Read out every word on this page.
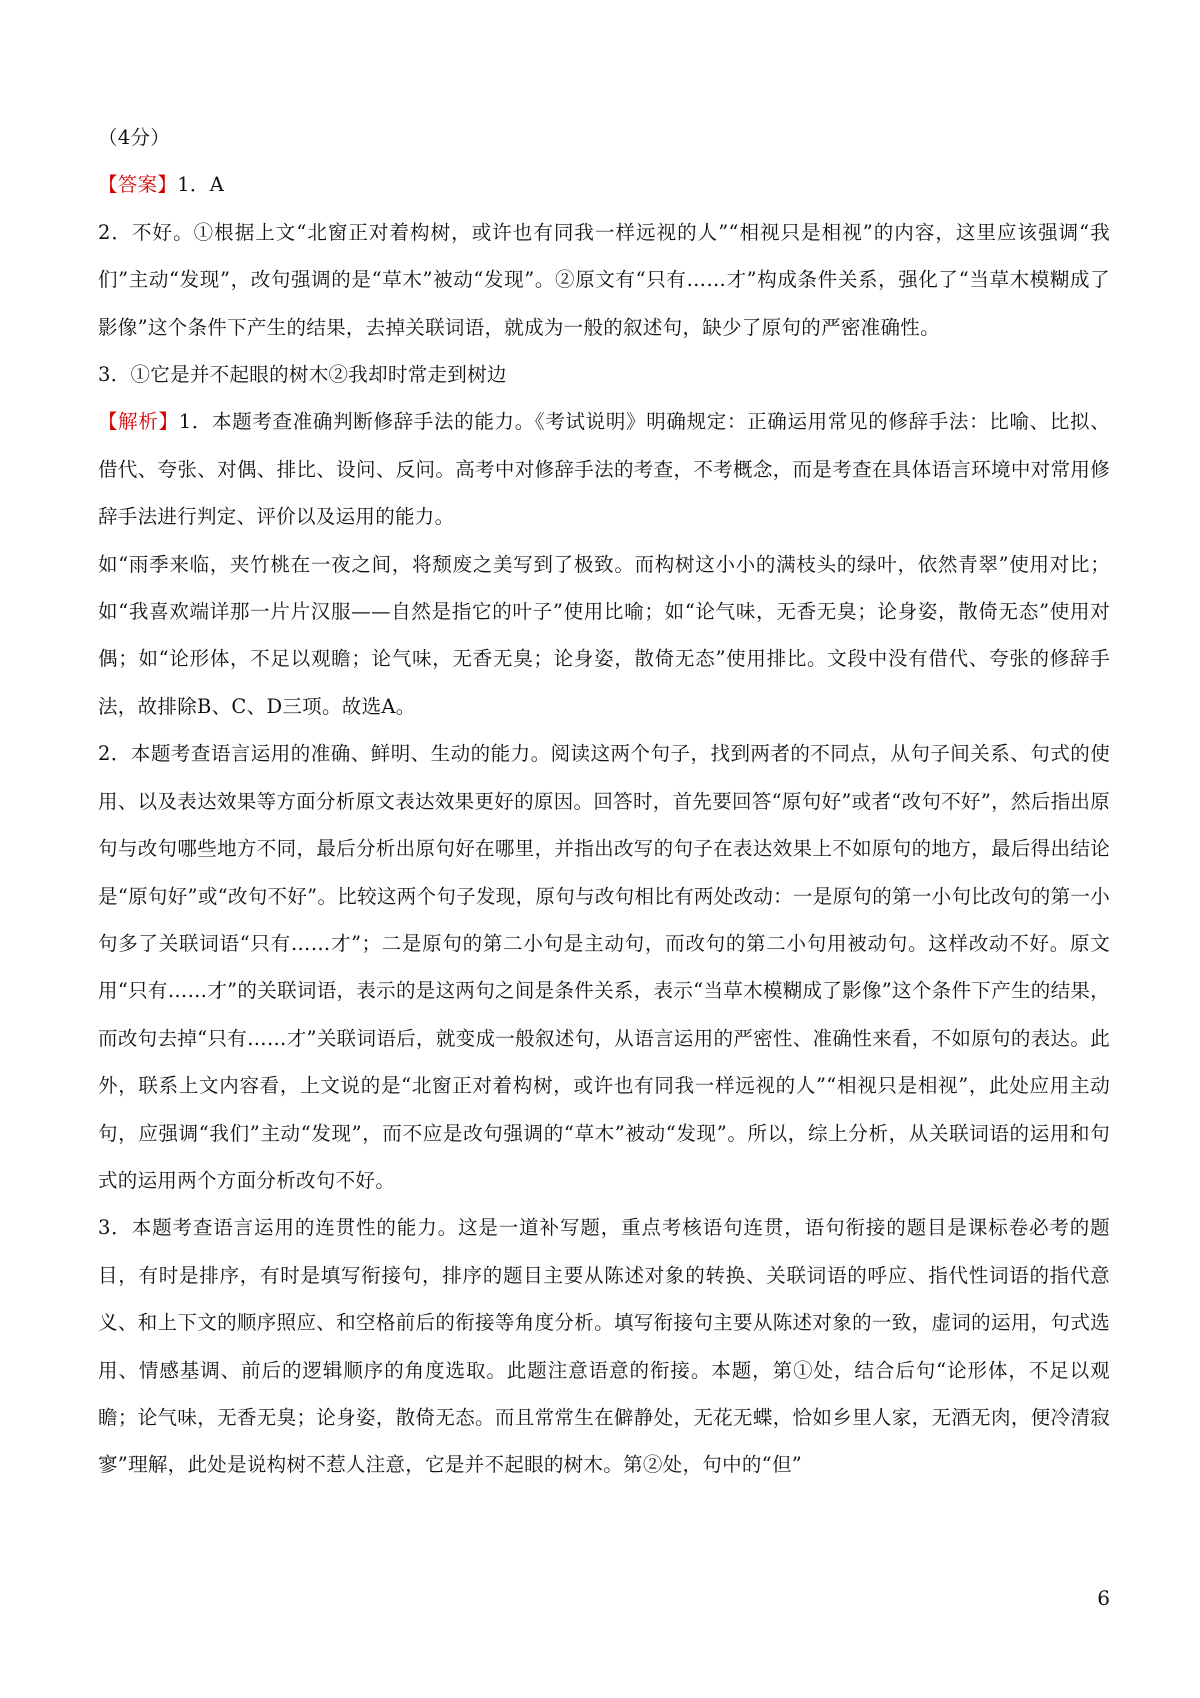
（4分）

【答案】1．A

2．不好。①根据上文“北窗正对着构树，或许也有同我一样远视的人”“相视只是相视”的内容，这里应该强调“我们”主动“发现”，改句强调的是“草木”被动“发现”。②原文有“只有……才”构成条件关系，强化了“当草木模糊成了影像”这个条件下产生的结果，去掉关联词语，就成为一般的叙述句，缺少了原句的严密准确性。

3．①它是并不起眼的树木②我却时常走到树边

【解析】1．本题考查准确判断修辞手法的能力。《考试说明》明确规定：正确运用常见的修辞手法：比喻、比拟、借代、夸张、对偶、排比、设问、反问。高考中对修辞手法的考查，不考概念，而是考查在具体语言环境中对常用修辞手法进行判定、评价以及运用的能力。

如“雨季来临，夹竹桃在一夜之间，将颓废之美写到了极致。而构树这小小的满枝头的绿叶，依然青翠”使用对比；如“我喜欢端详那一片片汉服——自然是指它的叶子”使用比喻；如“论气味，无香无臭；论身姿，散倚无态”使用对偶；如“论形体，不足以观瞻；论气味，无香无臭；论身姿，散倚无态”使用排比。文段中没有借代、夸张的修辞手法，故排除B、C、D三项。故选A。

2．本题考查语言运用的准确、鲜明、生动的能力。阅读这两个句子，找到两者的不同点，从句子间关系、句式的使用、以及表达效果等方面分析原文表达效果更好的原因。回答时，首先要回答“原句好”或者“改句不好”，然后指出原句与改句哪些地方不同，最后分析出原句好在哪里，并指出改写的句子在表达效果上不如原句的地方，最后得出结论是“原句好”或“改句不好”。比较这两个句子发现，原句与改句相比有两处改动：一是原句的第一小句比改句的第一小句多了关联词语“只有……才”；二是原句的第二小句是主动句，而改句的第二小句用被动句。这样改动不好。原文用“只有……才”的关联词语，表示的是这两句之间是条件关系，表示“当草木模糊成了影像”这个条件下产生的结果，而改句去掉“只有……才”关联词语后，就变成一般叙述句，从语言运用的严密性、准确性来看，不如原句的表达。此外，联系上文内容看，上文说的是“北窗正对着构树，或许也有同我一样远视的人”“相视只是相视”，此处应用主动句，应强调“我们”主动“发现”，而不应是改句强调的“草木”被动“发现”。所以，综上分析，从关联词语的运用和句式的运用两个方面分析改句不好。

3．本题考查语言运用的连贯性的能力。这是一道补写题，重点考核语句连贯，语句衔接的题目是课标卷必考的题目，有时是排序，有时是填写衔接句，排序的题目主要从陈述对象的转换、关联词语的呼应、指代性词语的指代意义、和上下文的顺序照应、和空格前后的衔接等角度分析。填写衔接句主要从陈述对象的一致，虚词的运用，句式选用、情感基调、前后的逻辑顺序的角度选取。此题注意语意的衔接。本题，第①处，结合后句“论形体，不足以观瞻；论气味，无香无臭；论身姿，散倚无态。而且常常生在僻静处，无花无蝶，恰如乡里人家，无酒无肉，便冷清寂寥”理解，此处是说构树不惹人注意，它是并不起眼的树木。第②处，句中的“但”

6
